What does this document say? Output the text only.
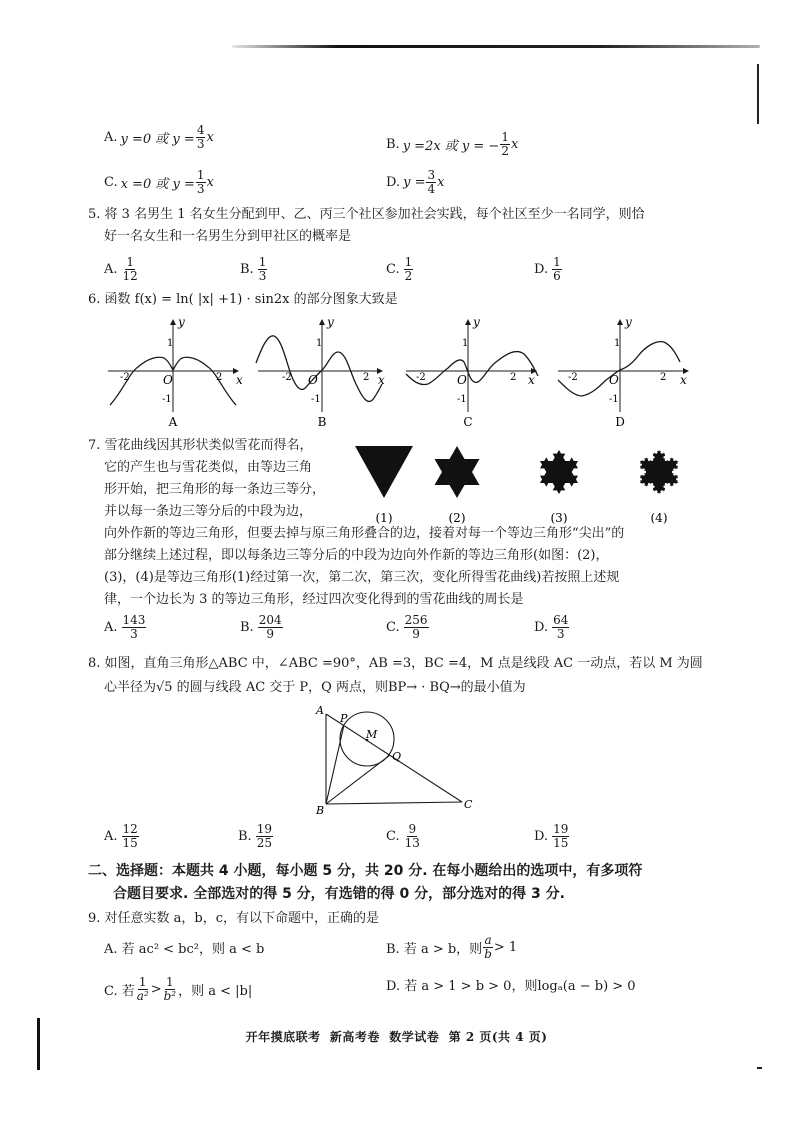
A. y =0 或 $y = \frac{4}{3}$ x	B. y =2x 或 y = − $\frac{1}{2}$ x
C. x =0 或 $y = \frac{1}{3}$ x	D. $y = \frac{3}{4}$ x
5. 将 3 名男生 1 名女生分配到甲、乙、丙三个社区参加社会实践，每个社区至少一名同学，则恰
好一名女生和一名男生分到甲社区的概率是
A. $\frac{1}{12}$	B. $\frac{1}{3}$	C. $\frac{1}{2}$	D. $\frac{1}{6}$
6. 函数 f(x) = ln( |x| +1) · sin2x 的部分图象大致是
y
x
O
1
-1
-2	2
A
y
x
O
1
-1
-2	2
B
y
x
O
1
-1
-2	2
C
y
x
O
1
-1
-2	2
D
7. 雪花曲线因其形状类似雪花而得名，
它的产生也与雪花类似，由等边三角
形开始，把三角形的每一条边三等分，
并以每一条边三等分后的中段为边，
向外作新的等边三角形，但要去掉与原三角形叠合的边，接着对每一个等边三角形“尖出”的
部分继续上述过程，即以每条边三等分后的中段为边向外作新的等边三角形(如图：(2)，
(3)，(4)是等边三角形(1)经过第一次，第二次，第三次，变化所得雪花曲线)若按照上述规
律，一个边长为 3 的等边三角形，经过四次变化得到的雪花曲线的周长是
(1)	(2)	(3)	(4)
A. $\frac{143}{3}$	B. $\frac{204}{9}$	C. $\frac{256}{9}$	D. $\frac{64}{3}$
8. 如图，直角三角形△ABC 中，∠ABC =90°，AB =3，BC =4，M 点是线段 AC 一动点，若以 M 为圆
心半径为√5 的圆与线段 AC 交于 P，Q 两点，则BP→ · BQ→的最小值为
A
P
M
Q
B	C
A. $\frac{12}{15}$	B. $\frac{19}{25}$	C. $\frac{9}{13}$	D. $\frac{19}{15}$
二、选择题：本题共 4 小题，每小题 5 分，共 20 分. 在每小题给出的选项中，有多项符
合题目要求. 全部选对的得 5 分，有选错的得 0 分，部分选对的得 3 分.
9. 对任意实数 a，b，c，有以下命题中，正确的是
A. 若 ac² < bc²，则 a < b	B. 若 a > b，则 $\frac{a}{b} > 1$
C. 若 $\frac{1}{\text{a²}} > \frac{1}{\text{b²}}$ ，则 a < |b|	D. 若 a > 1 > b > 0，则logₐ(a − b) > 0
开年摸底联考  新高考卷  数学试卷  第 2 页(共 4 页)
